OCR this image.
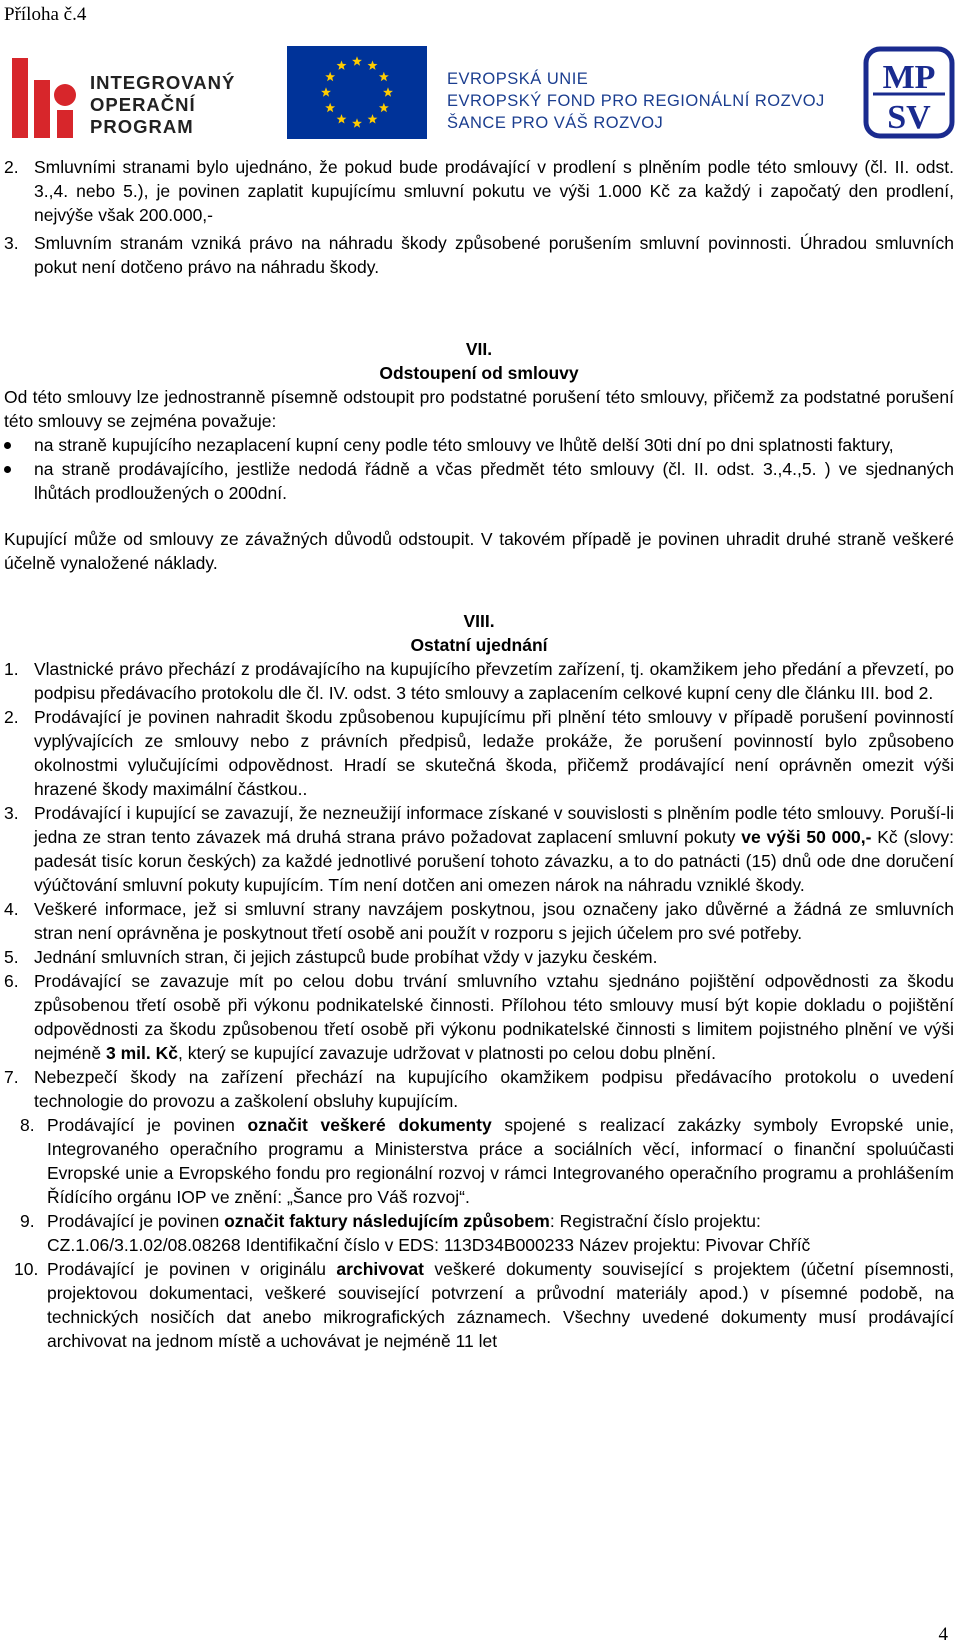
Příloha č.4
INTEGROVANÝ
OPERAČNÍ
PROGRAM
EVROPSKÁ UNIE
EVROPSKÝ FOND PRO REGIONÁLNÍ ROZVOJ
ŠANCE PRO VÁŠ ROZVOJ
MP
SV

2. Smluvními stranami bylo ujednáno, že pokud bude prodávající v prodlení s plněním podle této smlouvy (čl. II. odst. 3.,4. nebo 5.), je povinen zaplatit kupujícímu smluvní pokutu ve výši 1.000 Kč za každý i započatý den prodlení, nejvýše však 200.000,-

3. Smluvním stranám vzniká právo na náhradu škody způsobené porušením smluvní povinnosti. Úhradou smluvních pokut není dotčeno právo na náhradu škody.

VII.
Odstoupení od smlouvy

Od této smlouvy lze jednostranně písemně odstoupit pro podstatné porušení této smlouvy, přičemž za podstatné porušení této smlouvy se zejména považuje:

na straně kupujícího nezaplacení kupní ceny podle této smlouvy ve lhůtě delší 30ti dní po dni splatnosti faktury,
na straně prodávajícího, jestliže nedodá řádně a včas předmět této smlouvy (čl. II. odst. 3.,4.,5. ) ve sjednaných lhůtách prodloužených o 200dní.

Kupující může od smlouvy ze závažných důvodů odstoupit. V takovém případě je povinen uhradit druhé straně veškeré účelně vynaložené náklady.

VIII.
Ostatní ujednání

1. Vlastnické právo přechází z prodávajícího na kupujícího převzetím zařízení, tj. okamžikem jeho předání a převzetí, po podpisu předávacího protokolu dle čl. IV. odst. 3 této smlouvy a zaplacením celkové kupní ceny dle článku III. bod 2.

2. Prodávající je povinen nahradit škodu způsobenou kupujícímu při plnění této smlouvy v případě porušení povinností vyplývajících ze smlouvy nebo z právních předpisů, ledaže prokáže, že porušení povinností bylo způsobeno okolnostmi vylučujícími odpovědnost. Hradí se skutečná škoda, přičemž prodávající není oprávněn omezit výši hrazené škody maximální částkou..

3. Prodávající i kupující se zavazují, že nezneužijí informace získané v souvislosti s plněním podle této smlouvy. Poruší-li jedna ze stran tento závazek má druhá strana právo požadovat zaplacení smluvní pokuty ve výši 50 000,- Kč (slovy: padesát tisíc korun českých) za každé jednotlivé porušení tohoto závazku, a to do patnácti (15) dnů ode dne doručení výúčtování smluvní pokuty kupujícím. Tím není dotčen ani omezen nárok na náhradu vzniklé škody.

4. Veškeré informace, jež si smluvní strany navzájem poskytnou, jsou označeny jako důvěrné a žádná ze smluvních stran není oprávněna je poskytnout třetí osobě ani použít v rozporu s jejich účelem pro své potřeby.

5. Jednání smluvních stran, či jejich zástupců bude probíhat vždy v jazyku českém.

6. Prodávající se zavazuje mít po celou dobu trvání smluvního vztahu sjednáno pojištění odpovědnosti za škodu způsobenou třetí osobě při výkonu podnikatelské činnosti. Přílohou této smlouvy musí být kopie dokladu o pojištění odpovědnosti za škodu způsobenou třetí osobě při výkonu podnikatelské činnosti s limitem pojistného plnění ve výši nejméně 3 mil. Kč, který se kupující zavazuje udržovat v platnosti po celou dobu plnění.

7. Nebezpečí škody na zařízení přechází na kupujícího okamžikem podpisu předávacího protokolu o uvedení technologie do provozu a zaškolení obsluhy kupujícím.

8. Prodávající je povinen označit veškeré dokumenty spojené s realizací zakázky symboly Evropské unie, Integrovaného operačního programu a Ministerstva práce a sociálních věcí, informací o finanční spoluúčasti Evropské unie a Evropského fondu pro regionální rozvoj v rámci Integrovaného operačního programu a prohlášením Řídícího orgánu IOP ve znění: „Šance pro Váš rozvoj“.

9. Prodávající je povinen označit faktury následujícím způsobem: Registrační číslo projektu: CZ.1.06/3.1.02/08.08268 Identifikační číslo v EDS: 113D34B000233 Název projektu: Pivovar Chříč

10. Prodávající je povinen v originálu archivovat veškeré dokumenty související s projektem (účetní písemnosti, projektovou dokumentaci, veškeré související potvrzení a průvodní materiály apod.) v písemné podobě, na technických nosičích dat anebo mikrografických záznamech. Všechny uvedené dokumenty musí prodávající archivovat na jednom místě a uchovávat je nejméně 11 let

4
